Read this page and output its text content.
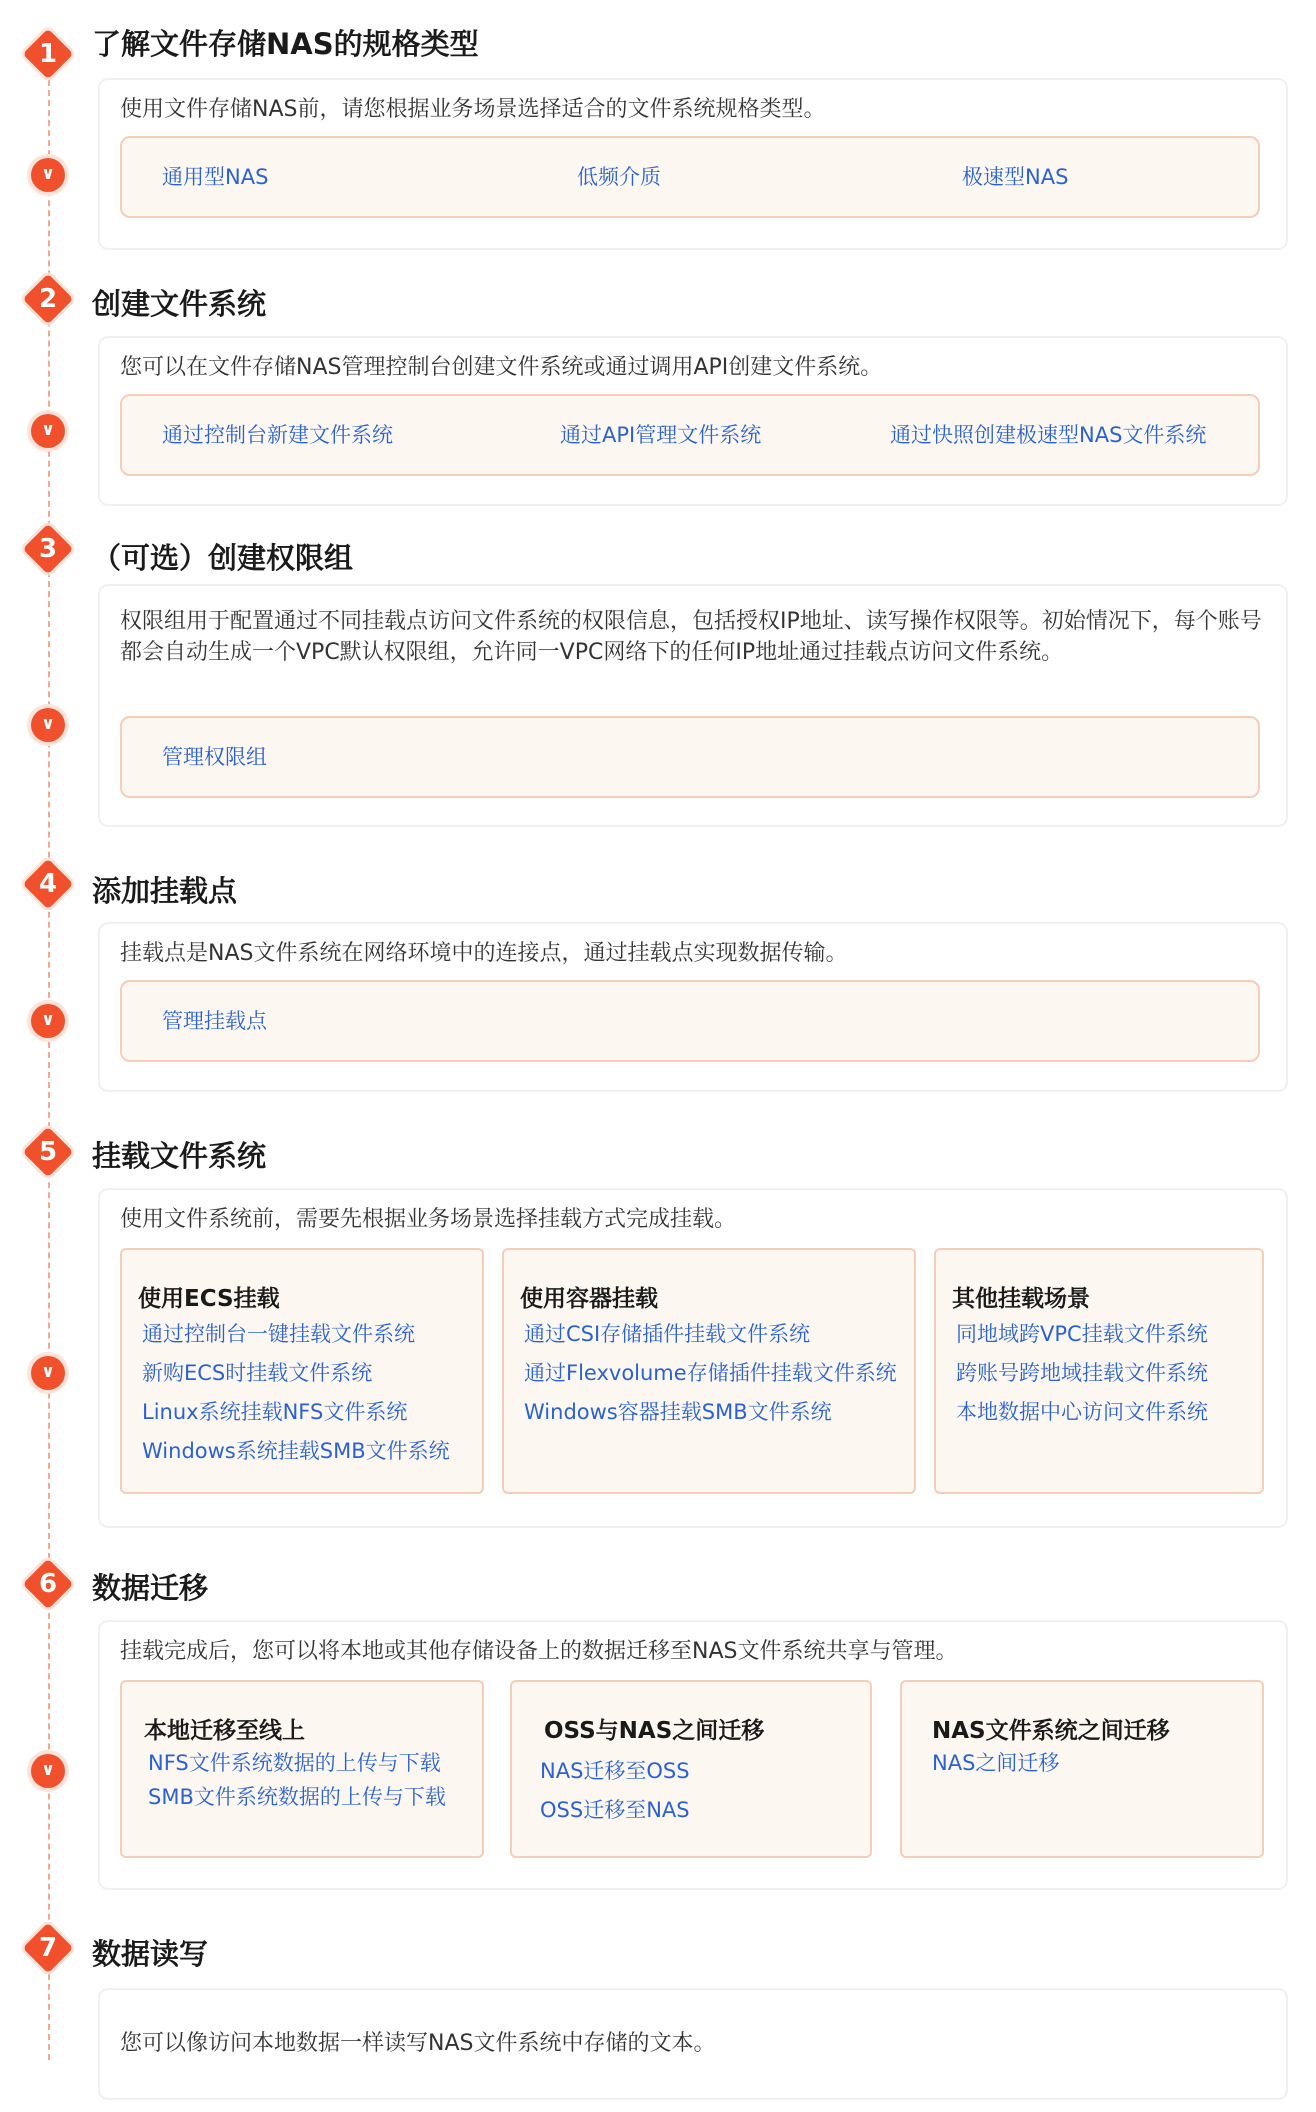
1	了解文件存储NAS的规格类型
使用文件存储NAS前，请您根据业务场景选择适合的文件系统规格类型。
通用型NAS	低频介质	极速型NAS
∨
2	创建文件系统
您可以在文件存储NAS管理控制台创建文件系统或通过调用API创建文件系统。
通过控制台新建文件系统	通过API管理文件系统	通过快照创建极速型NAS文件系统
∨
3	（可选）创建权限组
权限组用于配置通过不同挂载点访问文件系统的权限信息，包括授权IP地址、读写操作权限等。初始情况下，每个账号都会自动生成一个VPC默认权限组，允许同一VPC网络下的任何IP地址通过挂载点访问文件系统。
管理权限组
∨
4	添加挂载点
挂载点是NAS文件系统在网络环境中的连接点，通过挂载点实现数据传输。
管理挂载点
∨
5	挂载文件系统
使用文件系统前，需要先根据业务场景选择挂载方式完成挂载。
使用ECS挂载
通过控制台一键挂载文件系统
新购ECS时挂载文件系统
Linux系统挂载NFS文件系统
Windows系统挂载SMB文件系统
使用容器挂载
通过CSI存储插件挂载文件系统
通过Flexvolume存储插件挂载文件系统
Windows容器挂载SMB文件系统
其他挂载场景
同地域跨VPC挂载文件系统
跨账号跨地域挂载文件系统
本地数据中心访问文件系统
∨
6	数据迁移
挂载完成后，您可以将本地或其他存储设备上的数据迁移至NAS文件系统共享与管理。
本地迁移至线上
NFS文件系统数据的上传与下载
SMB文件系统数据的上传与下载
OSS与NAS之间迁移
NAS迁移至OSS
OSS迁移至NAS
NAS文件系统之间迁移
NAS之间迁移
∨
7	数据读写
您可以像访问本地数据一样读写NAS文件系统中存储的文本。
